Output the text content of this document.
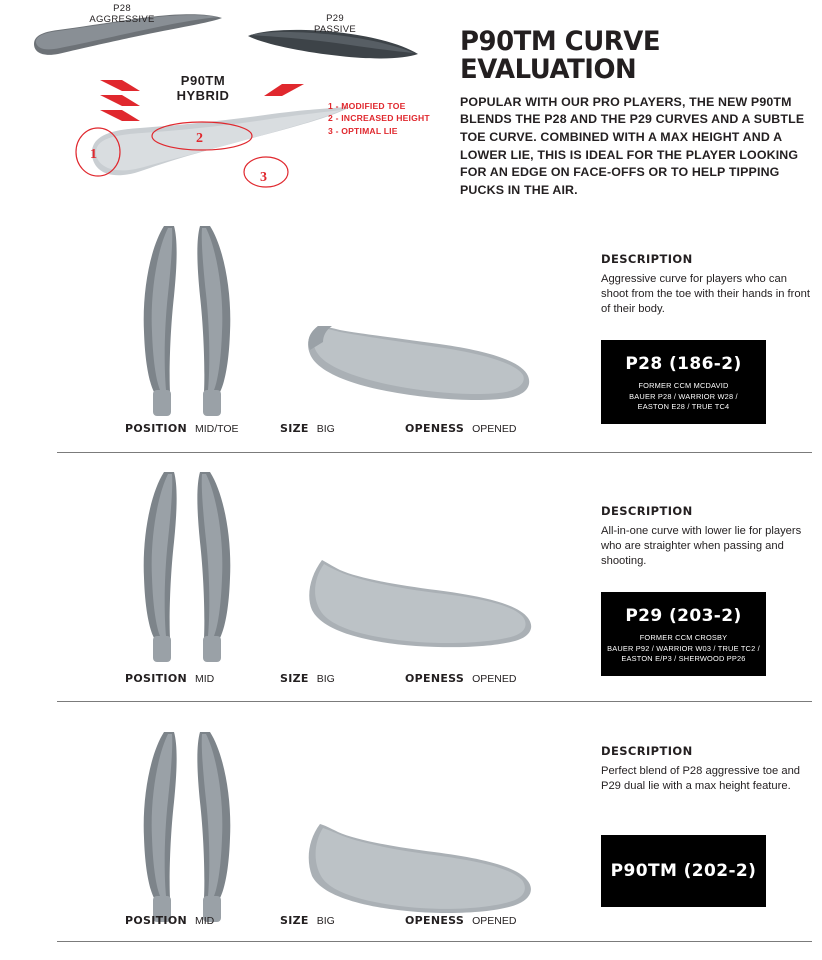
P28
AGGRESSIVE	P29
PASSIVE
P90TM
HYBRID
1 - MODIFIED TOE
2 - INCREASED HEIGHT
3 - OPTIMAL LIE
1
2
3
P90TM CURVE EVALUATION
POPULAR WITH OUR PRO PLAYERS, THE NEW P90TM BLENDS THE P28 AND THE P29 CURVES AND A SUBTLE TOE CURVE. COMBINED WITH A MAX HEIGHT AND A LOWER LIE, THIS IS IDEAL FOR THE PLAYER LOOKING FOR AN EDGE ON FACE-OFFS OR TO HELP TIPPING PUCKS IN THE AIR.
POSITION MID/TOE	SIZE BIG	OPENESS OPENED
DESCRIPTION
Aggressive curve for players who can shoot from the toe with their hands in front of their body.
P28 (186-2)
FORMER CCM MCDAVID
BAUER P28 / WARRIOR W28 /
EASTON E28 / TRUE TC4
POSITION MID	SIZE BIG	OPENESS OPENED
DESCRIPTION
All-in-one curve with lower lie for players who are straighter when passing and shooting.
P29 (203-2)
FORMER CCM CROSBY
BAUER P92 / WARRIOR W03 / TRUE TC2 /
EASTON E/P3 / SHERWOOD PP26
POSITION MID	SIZE BIG	OPENESS OPENED
DESCRIPTION
Perfect blend of P28 aggressive toe and P29 dual lie with a max height feature.
P90TM (202-2)
